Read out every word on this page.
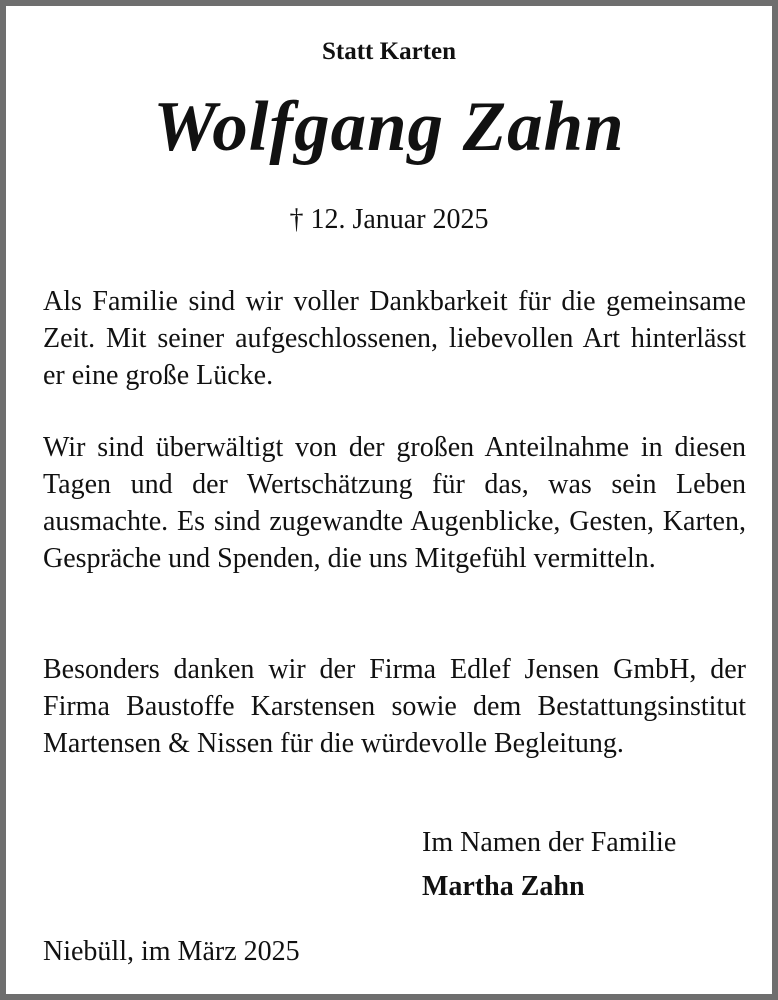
Statt Karten
Wolfgang Zahn
† 12. Januar 2025

Als Familie sind wir voller Dankbarkeit für die gemeinsame Zeit. Mit seiner aufgeschlossenen, liebevollen Art hinterlässt er eine große Lücke.

Wir sind überwältigt von der großen Anteilnahme in diesen Tagen und der Wertschätzung für das, was sein Leben ausmachte. Es sind zugewandte Augenblicke, Gesten, Karten, Gespräche und Spenden, die uns Mitgefühl vermitteln.

Besonders danken wir der Firma Edlef Jensen GmbH, der Firma Baustoffe Karstensen sowie dem Bestattungsinstitut Martensen & Nissen für die würdevolle Begleitung.

Im Namen der Familie
Martha Zahn
Niebüll, im März 2025
